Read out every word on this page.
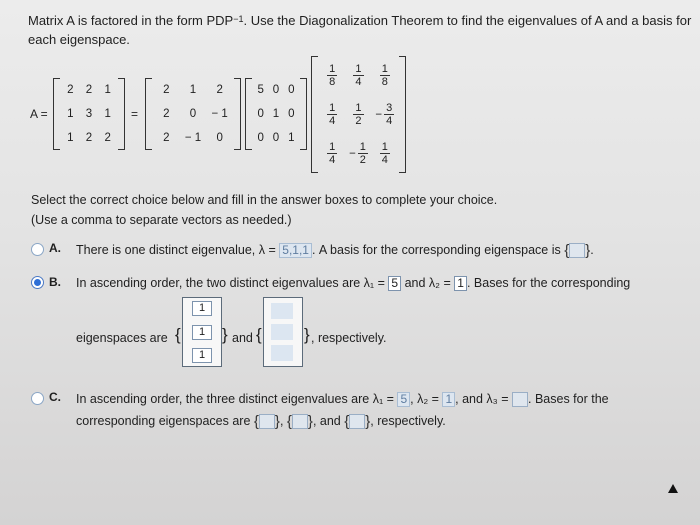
Matrix A is factored in the form $PDP^{-1}$. Use the Diagonalization Theorem to find the eigenvalues of A and a basis for each eigenspace.
A =
2	2	1
1	3	1
1	2	2
=
2	1	2
2	0	− 1
2	− 1	0
5 0 0
0 1 0
0 0 1
$\frac{1}{8} \frac{1}{4} \frac{1}{8}$
$\frac{1}{4} \frac{1}{2} - \frac{3}{4}$
$\frac{1}{4} - \frac{1}{2} \frac{1}{4}$
Select the correct choice below and fill in the answer boxes to complete your choice.
(Use a comma to separate vectors as needed.)
A. There is one distinct eigenvalue, λ = 5,1,1 . A basis for the corresponding eigenspace is { } .
B. In ascending order, the two distinct eigenvalues are λ₁ = 5 and λ₂ = 1 . Bases for the corresponding
eigenspaces are {
1
1
1
} and { } , respectively.
C. In ascending order, the three distinct eigenvalues are λ₁ = 5 , λ₂ = 1 , and λ₃ = . Bases for the
corresponding eigenspaces are { } , { } , and { } , respectively.
